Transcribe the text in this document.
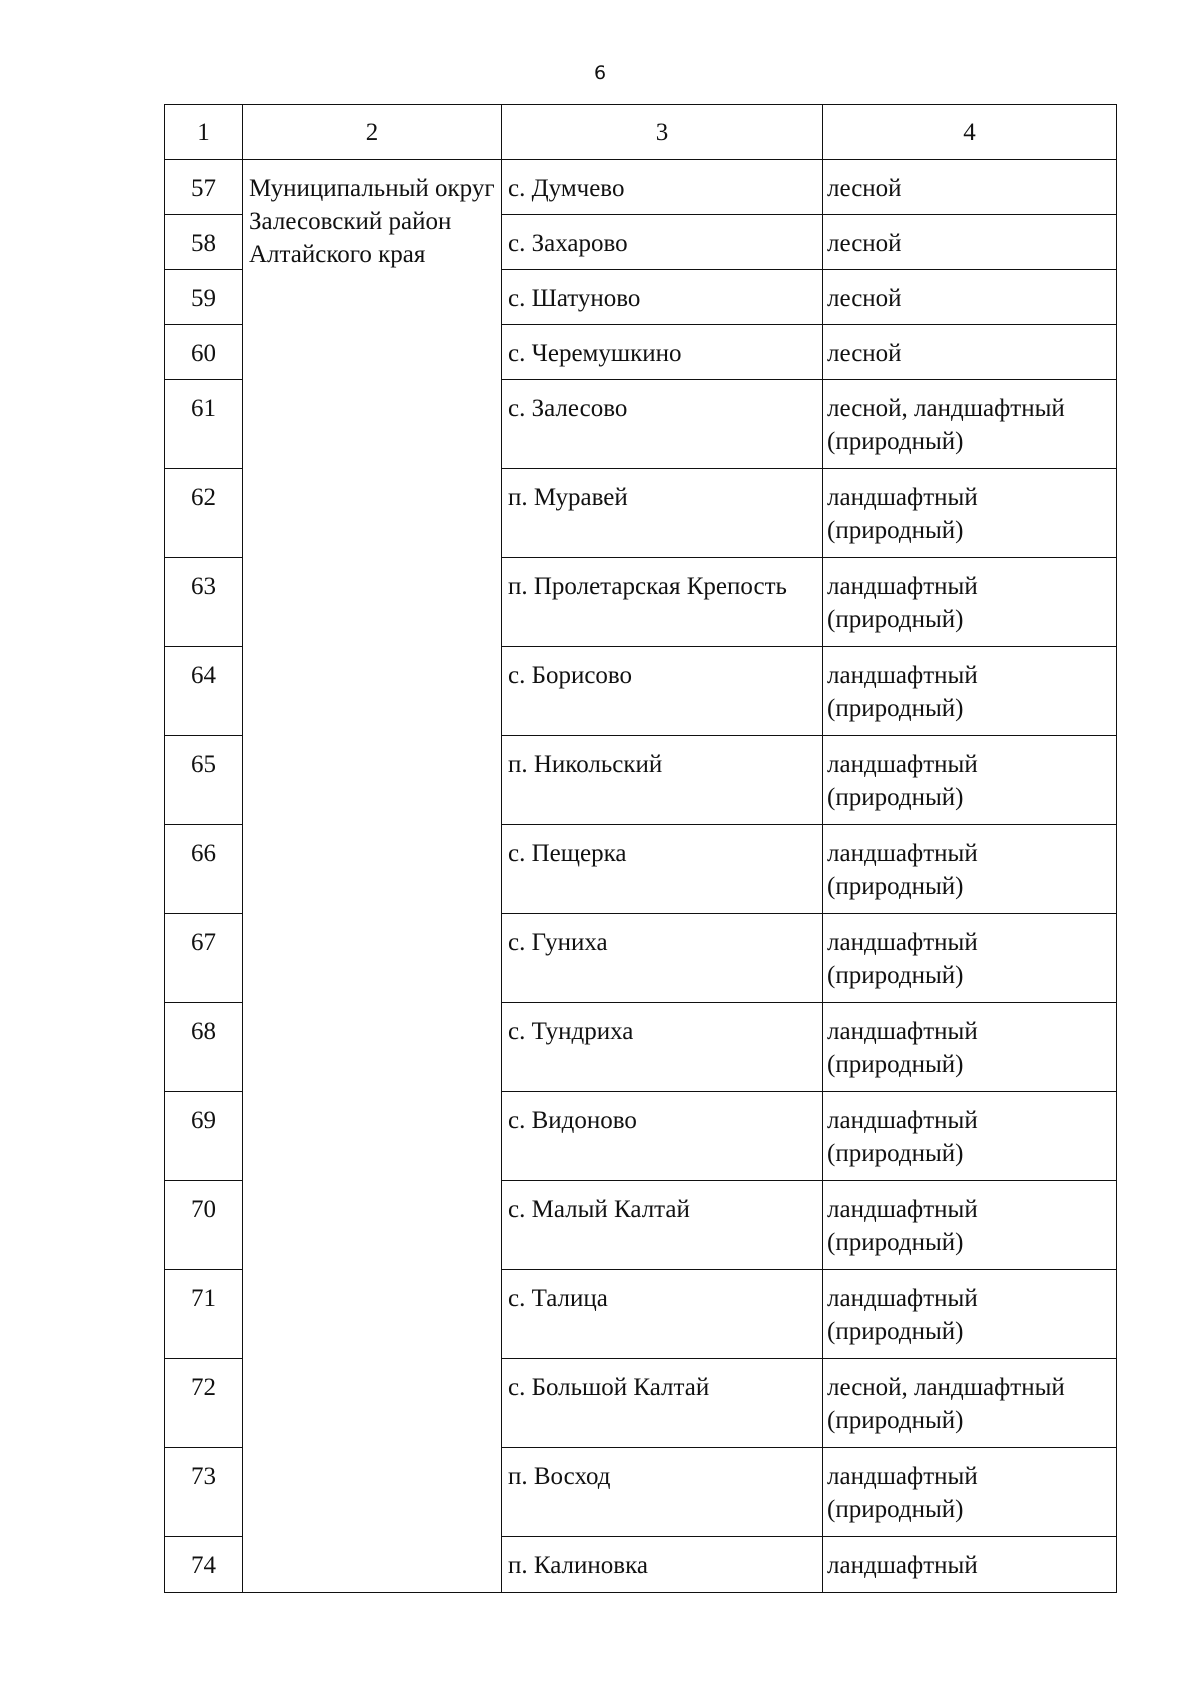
6
1	2	3	4
57	Муниципальный округ Залесовский район Алтайского края	с. Думчево	лесной
58		с. Захарово	лесной
59		с. Шатуново	лесной
60		с. Черемушкино	лесной
61		с. Залесово	лесной, ландшафтный (природный)
62		п. Муравей	ландшафтный (природный)
63		п. Пролетарская Крепость	ландшафтный (природный)
64		с. Борисово	ландшафтный (природный)
65		п. Никольский	ландшафтный (природный)
66		с. Пещерка	ландшафтный (природный)
67		с. Гуниха	ландшафтный (природный)
68		с. Тундриха	ландшафтный (природный)
69		с. Видоново	ландшафтный (природный)
70		с. Малый Калтай	ландшафтный (природный)
71		с. Талица	ландшафтный (природный)
72		с. Большой Калтай	лесной, ландшафтный (природный)
73		п. Восход	ландшафтный (природный)
74		п. Калиновка	ландшафтный
